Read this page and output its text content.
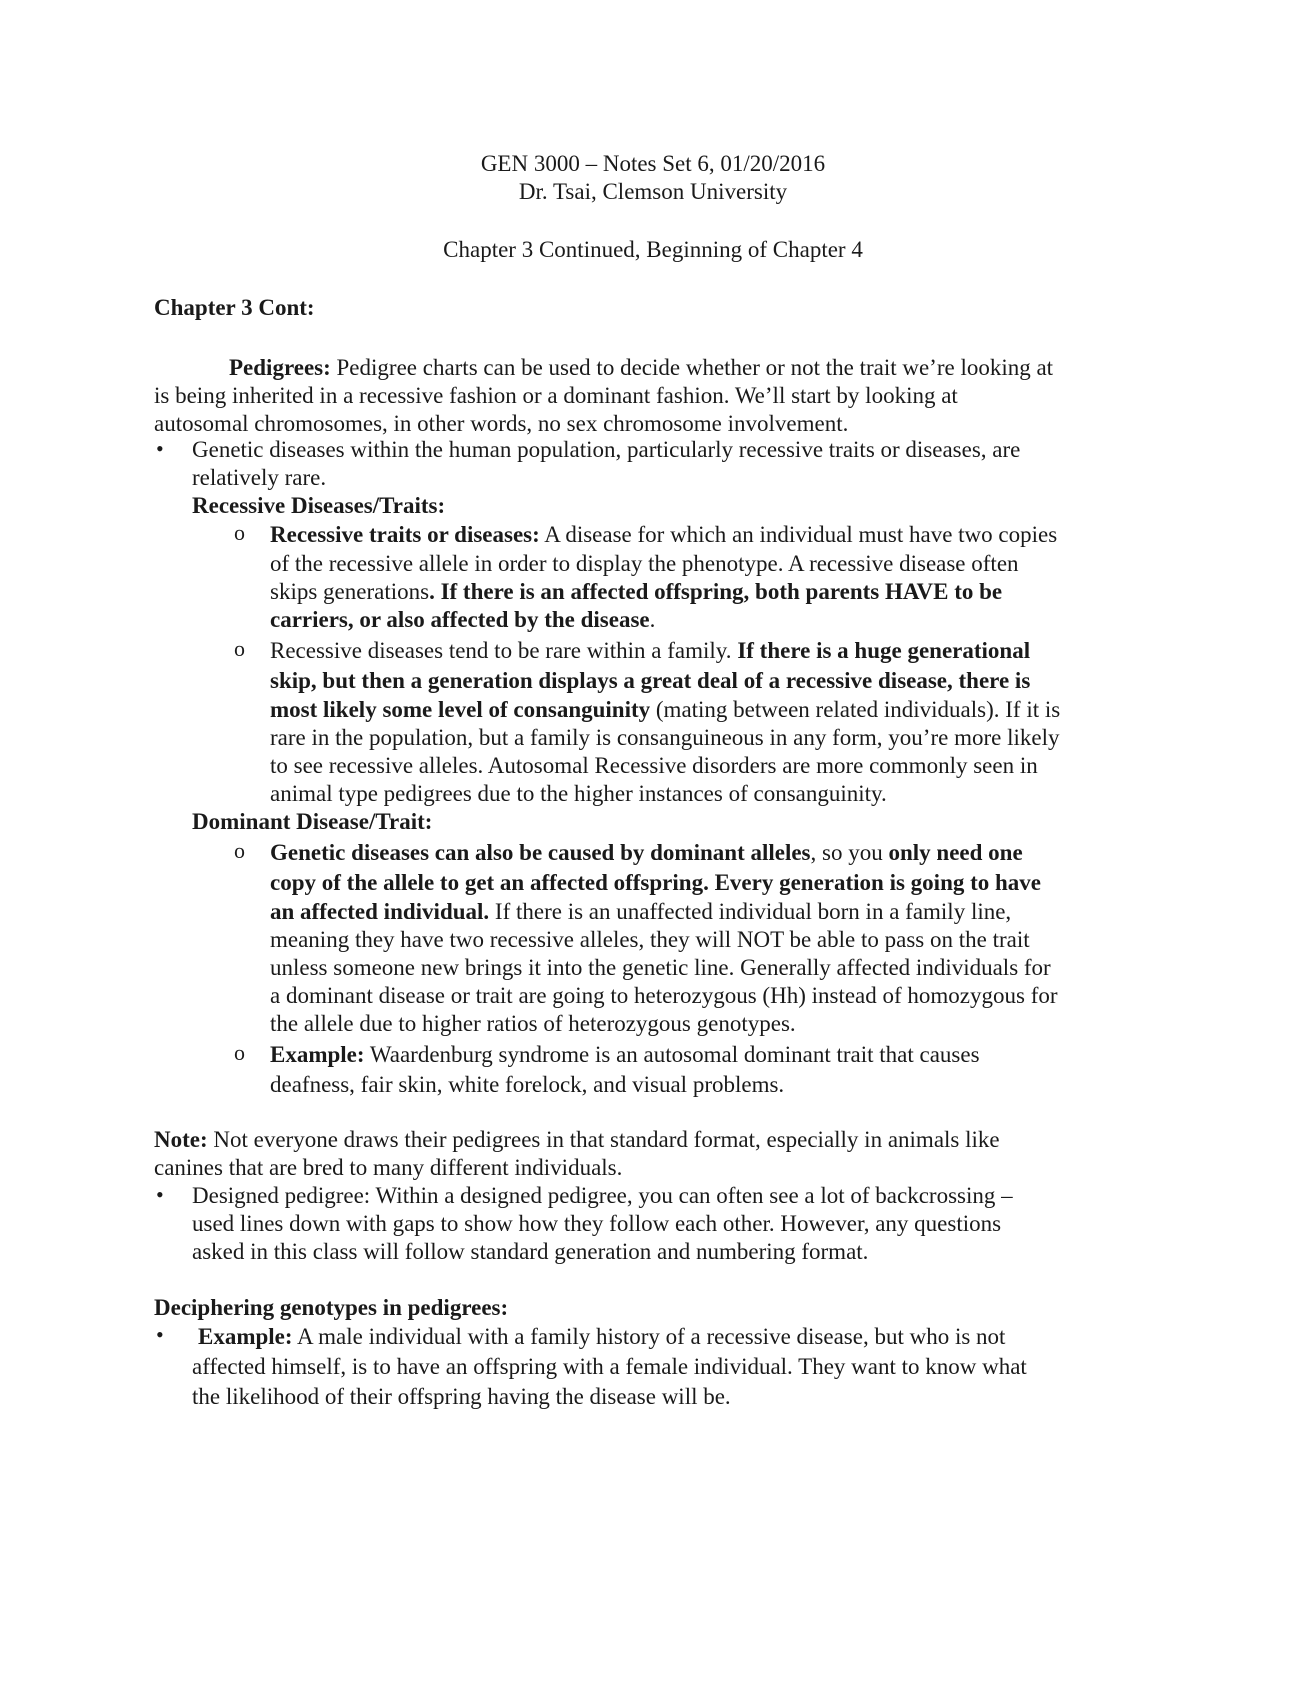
GEN 3000 – Notes Set 6, 01/20/2016
Dr. Tsai, Clemson University
Chapter 3 Continued, Beginning of Chapter 4
Chapter 3 Cont:
Pedigrees: Pedigree charts can be used to decide whether or not the trait we’re looking at
is being inherited in a recessive fashion or a dominant fashion. We’ll start by looking at
autosomal chromosomes, in other words, no sex chromosome involvement.
• Genetic diseases within the human population, particularly recessive traits or diseases, are
relatively rare.
Recessive Diseases/Traits:
o Recessive traits or diseases: A disease for which an individual must have two copies
of the recessive allele in order to display the phenotype. A recessive disease often
skips generations. If there is an affected offspring, both parents HAVE to be
carriers, or also affected by the disease.
o Recessive diseases tend to be rare within a family. If there is a huge generational
skip, but then a generation displays a great deal of a recessive disease, there is
most likely some level of consanguinity (mating between related individuals). If it is
rare in the population, but a family is consanguineous in any form, you’re more likely
to see recessive alleles. Autosomal Recessive disorders are more commonly seen in
animal type pedigrees due to the higher instances of consanguinity.
Dominant Disease/Trait:
o Genetic diseases can also be caused by dominant alleles, so you only need one
copy of the allele to get an affected offspring. Every generation is going to have
an affected individual. If there is an unaffected individual born in a family line,
meaning they have two recessive alleles, they will NOT be able to pass on the trait
unless someone new brings it into the genetic line. Generally affected individuals for
a dominant disease or trait are going to heterozygous (Hh) instead of homozygous for
the allele due to higher ratios of heterozygous genotypes.
o Example: Waardenburg syndrome is an autosomal dominant trait that causes
deafness, fair skin, white forelock, and visual problems.
Note: Not everyone draws their pedigrees in that standard format, especially in animals like
canines that are bred to many different individuals.
• Designed pedigree: Within a designed pedigree, you can often see a lot of backcrossing –
used lines down with gaps to show how they follow each other. However, any questions
asked in this class will follow standard generation and numbering format.
Deciphering genotypes in pedigrees:
• Example: A male individual with a family history of a recessive disease, but who is not
affected himself, is to have an offspring with a female individual. They want to know what
the likelihood of their offspring having the disease will be.
